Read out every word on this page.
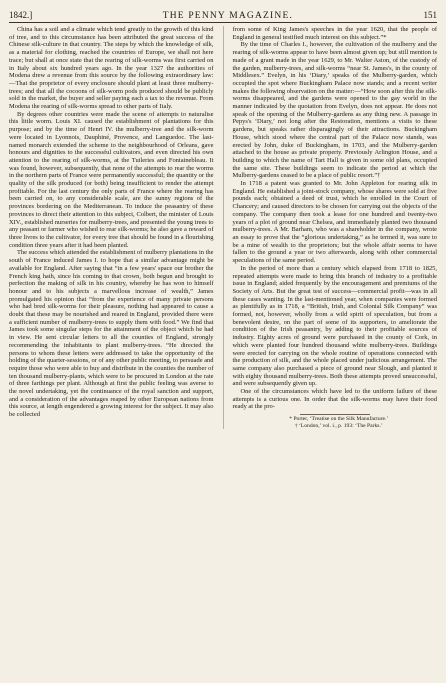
1842.]	THE PENNY MAGAZINE.	151

China has a soil and a climate which tend greatly to the growth of this kind of tree, and to this circumstance has been attributed the great success of the Chinese silk-culture in that country. The steps by which the knowledge of silk, as a material for clothing, reached the countries of Europe, we shall not here trace; but shall at once state that the rearing of silk-worms was first carried on in Italy about six hundred years ago. In the year 1327 the authorities of Modena drew a revenue from this source by the following extraordinary law:—That the proprietor of every enclosure should plant at least three mulberry-trees; and that all the cocoons of silk-worm pods produced should be publicly sold in the market, the buyer and seller paying each a tax to the revenue. From Modena the rearing of silk-worms spread to other parts of Italy.

By degrees other countries were made the scene of attempts to naturalise this little worm. Louis XI. caused the establishment of plantations for this purpose; and by the time of Henri IV. the mulberry-tree and the silk-worm were located in Lyonnois, Dauphiné, Provence, and Languedoc. The last-named monarch extended the scheme to the neighbourhood of Orleans, gave honours and dignities to the successful cultivators, and even directed his own attention to the rearing of silk-worms, at the Tuileries and Fontainebleau. It was found, however, subsequently, that none of the attempts to rear the worms in the northern parts of France were permanently successful; the quantity or the quality of the silk produced (or both) being insufficient to render the attempt profitable. For the last century the only parts of France where the rearing has been carried on, to any considerable scale, are the sunny regions of the provinces bordering on the Mediterranean. To induce the peasantry of these provinces to direct their attention to this subject, Colbert, the minister of Louis XIV., established nurseries for mulberry-trees, and presented the young trees to any peasant or farmer who wished to rear silk-worms; he also gave a reward of three livres to the cultivator, for every tree that should be found in a flourishing condition three years after it had been planted.

The success which attended the establishment of mulberry plantations in the south of France induced James I. to hope that a similar advantage might be available for England. After saying that “in a few years' space our brother the French king hath, since his coming to that crown, both begun and brought to perfection the making of silk in his country, whereby he has won to himself honour and to his subjects a marvellous increase of wealth,” James promulgated his opinion that “from the experience of many private persons who had bred silk-worms for their pleasure, nothing had appeared to cause a doubt that these may be nourished and reared in England, provided there were a sufficient number of mulberry-trees to supply them with food.” We find that James took some singular steps for the attainment of the object which he had in view. He sent circular letters to all the counties of England, strongly recommending the inhabitants to plant mulberry-trees. “He directed the persons to whom these letters were addressed to take the opportunity of the holding of the quarter-sessions, or of any other public meeting, to persuade and require those who were able to buy and distribute in the counties the number of ten thousand mulberry-plants, which were to be procured in London at the rate of three farthings per plant. Although at first the public feeling was averse to the novel undertaking, yet the continuance of the royal sanction and support, and a consideration of the advantages reaped by other European nations from this source, at length engendered a growing interest for the subject. It may also be collected

from some of King James's speeches in the year 1620, that the people of England in general testified much interest on this subject.”*

By the time of Charles I., however, the cultivation of the mulberry and the rearing of silk-worms appear to have been almost given up; but still mention is made of a grant made in the year 1629, to Mr. Walter Aston, of the custody of the garden, mulberry-trees, and silk-worms “near St. James's, in the county of Middlesex.” Evelyn, in his ‘Diary,’ speaks of the Mulberry-garden, which occupied the spot where Buckingham Palace now stands; and a recent writer makes the following observation on the matter:—“How soon after this the silk-worms disappeared, and the gardens were opened to the gay world in the manner indicated by the quotation from Evelyn, does not appear. He does not speak of the opening of the Mulberry-gardens as any thing new. A passage in Pepys's ‘Diary,’ not long after the Restoration, mentions a visits to these gardens, but speaks rather disparagingly of their attractions. Buckingham House, which stood where the central part of the Palace now stands, was erected by John, duke of Buckingham, in 1703, and the Mulberry-garden attached to the house as private property. Previously Arlington House, and a building to which the name of Tart Hall is given in some old plans, occupied the same site. These buildings seem to indicate the period at which the Mulberry-gardens ceased to be a place of public resort.”†

In 1718 a patent was granted to Mr. John Appleton for rearing silk in England. He established a joint-stock company, whose shares were sold at five pounds each; obtained a deed of trust, which he enrolled in the Court of Chancery; and caused directors to be chosen for carrying out the objects of the company. The company then took a lease for one hundred and twenty-two years of a plot of ground near Chelsea, and immediately planted two thousand mulberry-trees. A Mr. Barham, who was a shareholder in the company, wrote an essay to prove that the “glorious undertaking,” as he termed it, was sure to be a mine of wealth to the proprietors; but the whole affair seems to have fallen to the ground a year or two afterwards, along with other commercial speculations of the same period.

In the period of more than a century which elapsed from 1718 to 1825, repeated attempts were made to bring this branch of industry to a profitable issue in England; aided frequently by the encouragement and premiums of the Society of Arts. But the great test of success—commercial profit—was in all these cases wanting. In the last-mentioned year, when companies were formed as plentifully as in 1718, a “British, Irish, and Colonial Silk Company” was formed, not, however, wholly from a wild spirit of speculation, but from a benevolent desire, on the part of some of its supporters, to ameliorate the condition of the Irish peasantry, by adding to their profitable sources of industry. Eighty acres of ground were purchased in the county of Cork, in which were planted four hundred thousand white mulberry-trees. Buildings were erected for carrying on the whole routine of operations connected with the production of silk, and the whole placed under judicious arrangement. The same company also purchased a piece of ground near Slough, and planted it with eighty thousand mulberry-trees. Both these attempts proved unsuccessful, and were subsequently given up.

One of the circumstances which have led to the uniform failure of these attempts is a curious one. In order that the silk-worms may have their food ready at the pro-

* Porter, ‘Treatise on the Silk Manufacture.’

† ‘London,’ vol. i., p. 193: ‘The Parks.’
